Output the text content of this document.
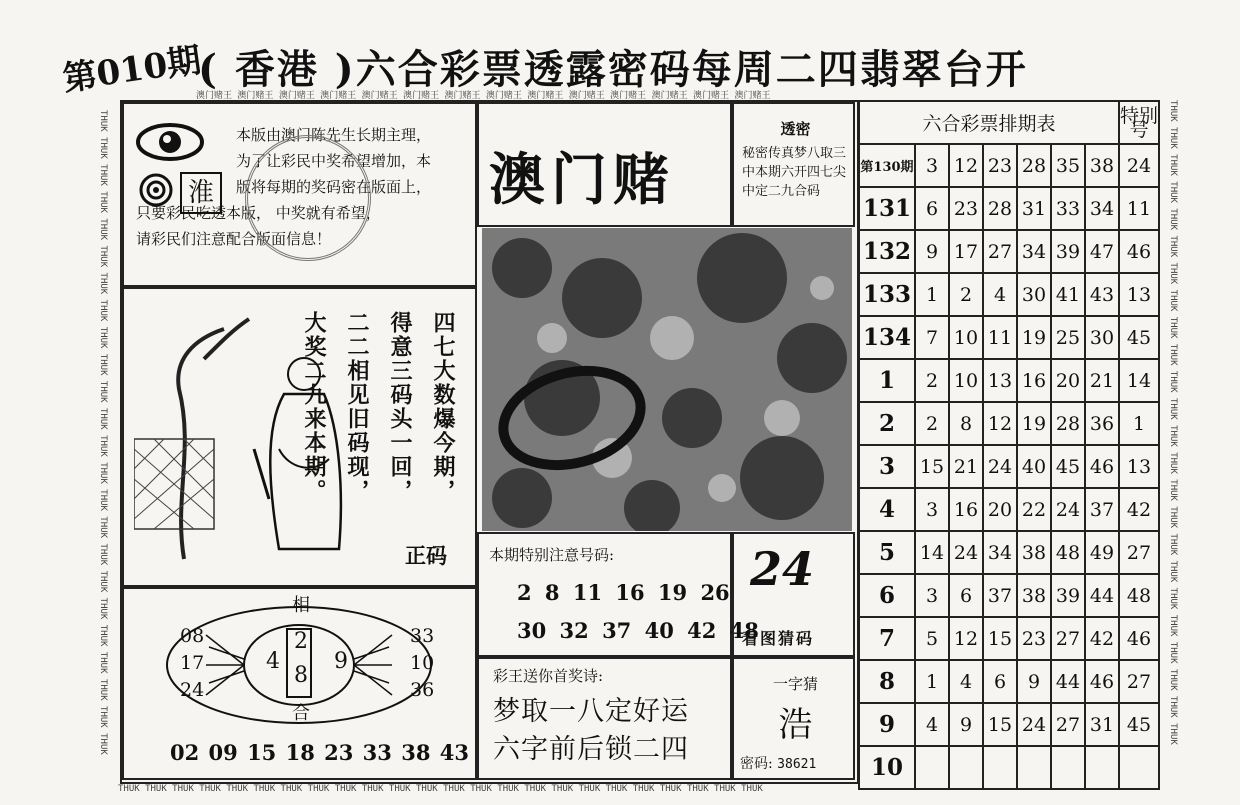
第010期
( 香港 )六合彩票透露密码每周二四翡翠台开
澳门赌王 澳门赌王 澳门赌王 澳门赌王 澳门赌王 澳门赌王 澳门赌王 澳门赌王 澳门赌王 澳门赌王 澳门赌王 澳门赌王 澳门赌王 澳门赌王
THUK THUK THUK THUK THUK THUK THUK THUK THUK THUK THUK THUK THUK THUK THUK THUK THUK THUK THUK THUK THUK THUK THUK THUK
THUK THUK THUK THUK THUK THUK THUK THUK THUK THUK THUK THUK THUK THUK THUK THUK THUK THUK THUK THUK THUK THUK THUK THUK	THUK THUK THUK THUK THUK THUK THUK THUK THUK THUK THUK THUK THUK THUK THUK THUK THUK THUK THUK THUK THUK THUK THUK THUK
本版由澳门陈先生长期主理，
为了让彩民中奖希望增加，本
版将每期的奖码密在版面上，
只要彩民吃透本版， 中奖就有希望，
请彩民们注意配合版面信息！
淮
四七大数爆今期，
得意三码头一回，
二二相见旧码现，
大奖二九来本期。
正码
澳门赌
透密
秘密传真梦八取三中本期六开四七尖中定二九合码
本期特别注意号码:
2 8 11 16 19 26
30 32 37 40 42 48
24
看图猜码
彩王送你首奖诗:
梦取一八定好运
六字前后锁二四
一字猜
浩
密码: 38621
相
合
08
17
24
33
10
36
4 9
2
8
02 09 15 18 23 33 38 43
六合彩票排期表							特别号
第130期	3	12	23	28	35	38	24
131	6	23	28	31	33	34	11
132	9	17	27	34	39	47	46
133	1	2	4	30	41	43	13
134	7	10	11	19	25	30	45
1	2	10	13	16	20	21	14
2	2	8	12	19	28	36	1
3	15	21	24	40	45	46	13
4	3	16	20	22	24	37	42
5	14	24	34	38	48	49	27
6	3	6	37	38	39	44	48
7	5	12	15	23	27	42	46
8	1	4	6	9	44	46	27
9	4	9	15	24	27	31	45
10							
